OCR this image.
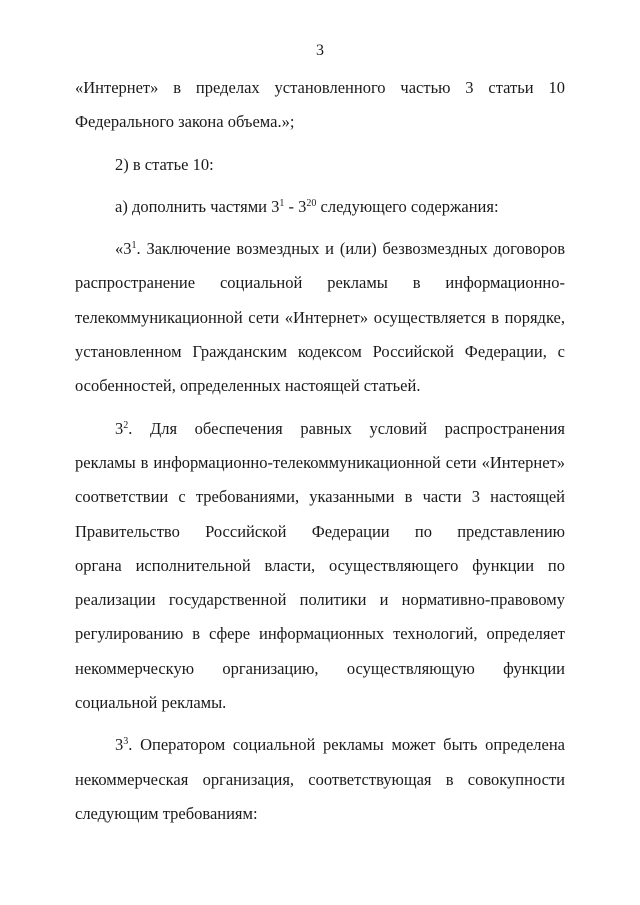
3
«Интернет» в пределах установленного частью 3 статьи 10
Федерального закона объема.»;
2) в статье 10:
а) дополнить частями $3^1 - 3^{20}$ следующего содержания:
«$3^1$. Заключение возмездных и (или) безвозмездных договоров
распространение социальной рекламы в информационно-
телекоммуникационной сети «Интернет» осуществляется в порядке,
установленном Гражданским кодексом Российской Федерации, с
особенностей, определенных настоящей статьей.
$3^2$. Для обеспечения равных условий распространения
рекламы в информационно-телекоммуникационной сети «Интернет»
соответствии с требованиями, указанными в части 3 настоящей
Правительство Российской Федерации по представлению
органа исполнительной власти, осуществляющего функции по
реализации государственной политики и нормативно-правовому
регулированию в сфере информационных технологий, определяет
некоммерческую организацию, осуществляющую функции
социальной рекламы.
$3^3$. Оператором социальной рекламы может быть определена
некоммерческая организация, соответствующая в совокупности
следующим требованиям:
